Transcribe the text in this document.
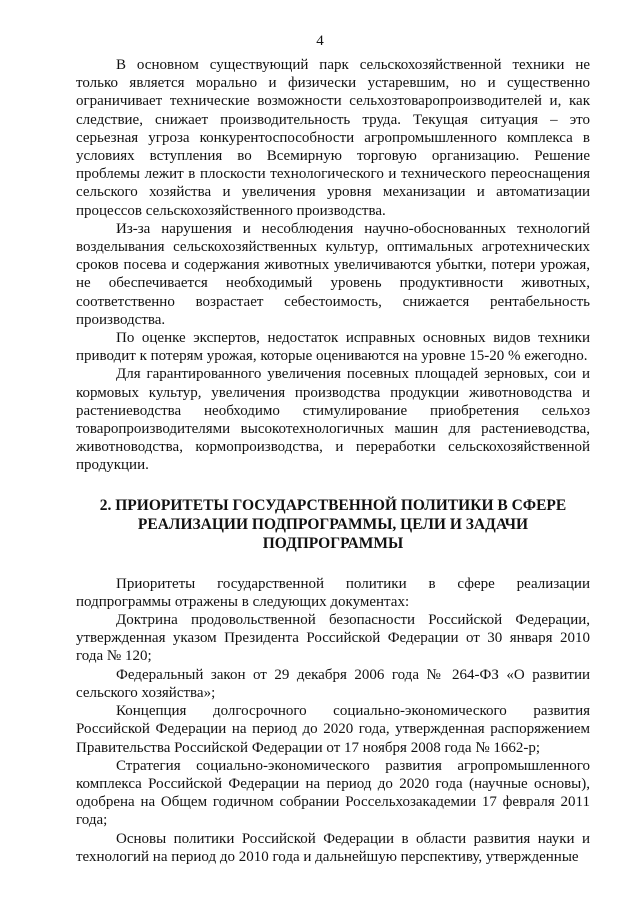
4

В основном существующий парк сельскохозяйственной техники не только является морально и физически устаревшим, но и существенно ограничивает технические возможности сельхозтоваропроизводителей и, как следствие, снижает производительность труда. Текущая ситуация – это серьезная угроза конкурентоспособности агропромышленного комплекса в условиях вступления во Всемирную торговую организацию. Решение проблемы лежит в плоскости технологического и технического переоснащения сельского хозяйства и увеличения уровня механизации и автоматизации процессов сельскохозяйственного производства.

Из-за нарушения и несоблюдения научно-обоснованных технологий возделывания сельскохозяйственных культур, оптимальных агротехнических сроков посева и содержания животных увеличиваются убытки, потери урожая, не обеспечивается необходимый уровень продуктивности животных, соответственно возрастает себестоимость, снижается рентабельность производства.

По оценке экспертов, недостаток исправных основных видов техники приводит к потерям урожая, которые оцениваются на уровне 15-20 % ежегодно.

Для гарантированного увеличения посевных площадей зерновых, сои и кормовых культур, увеличения производства продукции животноводства и растениеводства необходимо стимулирование приобретения сельхоз товаропроизводителями высокотехнологичных машин для растениеводства, животноводства, кормопроизводства, и переработки сельскохозяйственной продукции.

2. ПРИОРИТЕТЫ ГОСУДАРСТВЕННОЙ ПОЛИТИКИ В СФЕРЕ
РЕАЛИЗАЦИИ ПОДПРОГРАММЫ, ЦЕЛИ И ЗАДАЧИ
ПОДПРОГРАММЫ

Приоритеты государственной политики в сфере реализации подпрограммы отражены в следующих документах:

Доктрина продовольственной безопасности Российской Федерации, утвержденная указом Президента Российской Федерации от 30 января 2010 года № 120;

Федеральный закон от 29 декабря 2006 года № 264-ФЗ «О развитии сельского хозяйства»;

Концепция долгосрочного социально-экономического развития Российской Федерации на период до 2020 года, утвержденная распоряжением Правительства Российской Федерации от 17 ноября 2008 года № 1662-р;

Стратегия социально-экономического развития агропромышленного комплекса Российской Федерации на период до 2020 года (научные основы), одобрена на Общем годичном собрании Россельхозакадемии 17 февраля 2011 года;

Основы политики Российской Федерации в области развития науки и технологий на период до 2010 года и дальнейшую перспективу, утвержденные
